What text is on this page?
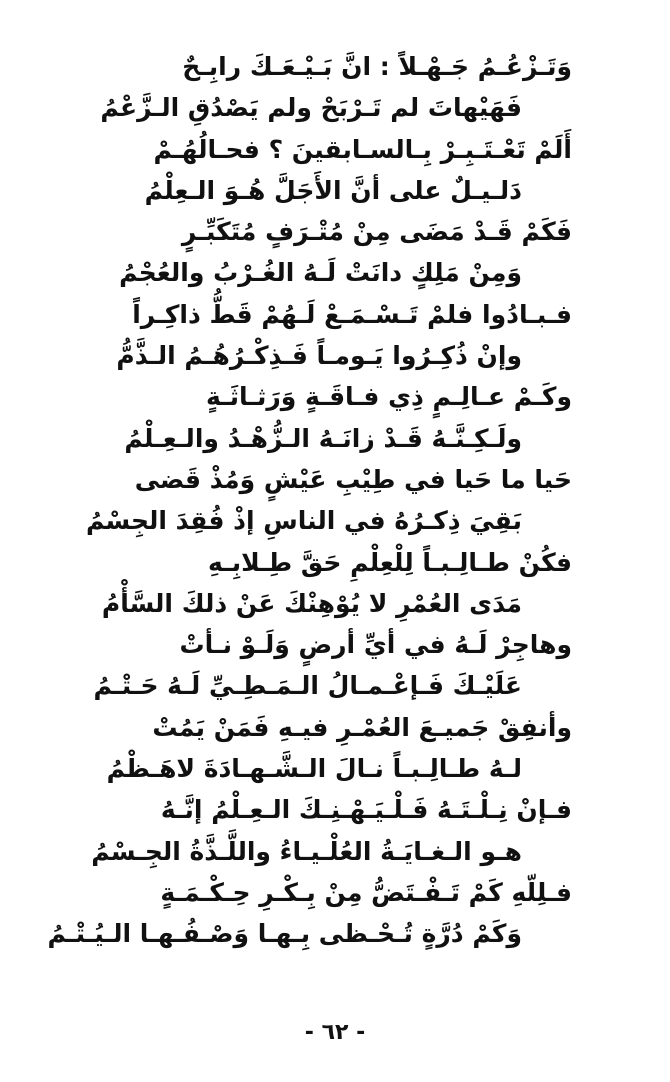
وَتَـزْعُـمُ جَـهْـلاً : انَّ بَـيْـعَـكَ رابِـحٌ
فَهَيْهاتَ لم تَـرْبَحْ ولم يَصْدُقِ الـزَّعْمُ
أَلَمْ تَعْـتَـبِـرْ بِـالسـابقينَ ؟ فحـالُهُـمْ
دَلـيـلٌ على أنَّ الأَجَلَّ هُـوَ الـعِلْمُ
فَكَمْ قَـدْ مَضَى مِنْ مُتْـرَفٍ مُتَكَبِّـرٍ
وَمِنْ مَلِكٍ دانَتْ لَـهُ الغُـرْبُ والعُجْمُ
فـبـادُوا فلمْ تَـسْـمَـعْ لَـهُمْ قَطُّ ذاكِـراً
وإنْ ذُكِـرُوا يَـومـاً فَـذِكْـرُهُـمُ الـذَّمُّ
وكَـمْ عـالِـمٍ ذِي فـاقَـةٍ وَرَثـاثَـةٍ
ولَـكِـنَّـهُ قَـدْ زانَـهُ الـزُّهْـدُ والـعِـلْمُ
حَيا ما حَيا في طِيْبِ عَيْشٍ وَمُذْ قَضى
بَقِيَ ذِكـرُهُ في الناسِ إذْ فُقِدَ الجِسْمُ
فكُنْ طـالِـبـاً لِلْعِلْمِ حَقَّ طِـلابِـهِ
مَدَى العُمْرِ لا يُوْهِنْكَ عَنْ ذلكَ السَّأْمُ
وهاجِرْ لَـهُ في أيِّ أرضٍ وَلَـوْ نـأتْ
عَلَيْـكَ فَـإعْـمـالُ الـمَـطِـيِّ لَـهُ حَـتْـمُ
وأنفِقْ جَميـعَ العُمْـرِ فيـهِ فَمَنْ يَمُتْ
لـهُ طـالِـبـاً نـالَ الـشَّـهـادَةَ لاهَـظْمُ
فـإنْ نِـلْـتَـهُ فَـلْـيَـهْـنِـكَ الـعِـلْمُ إنَّـهُ
هـو الـغـايَـةُ العُلْـيـاءُ واللَّـذَّةُ الجِـسْمُ
فـلِلّهِ كَمْ تَـفْـتَضُّ مِنْ بِـكْـرِ حِـكْـمَـةٍ
وَكَمْ دُرَّةٍ تُـحْـظى بِـهـا وَصْـفُـهـا الـيُـتْـمُ
- ٦٢ -
